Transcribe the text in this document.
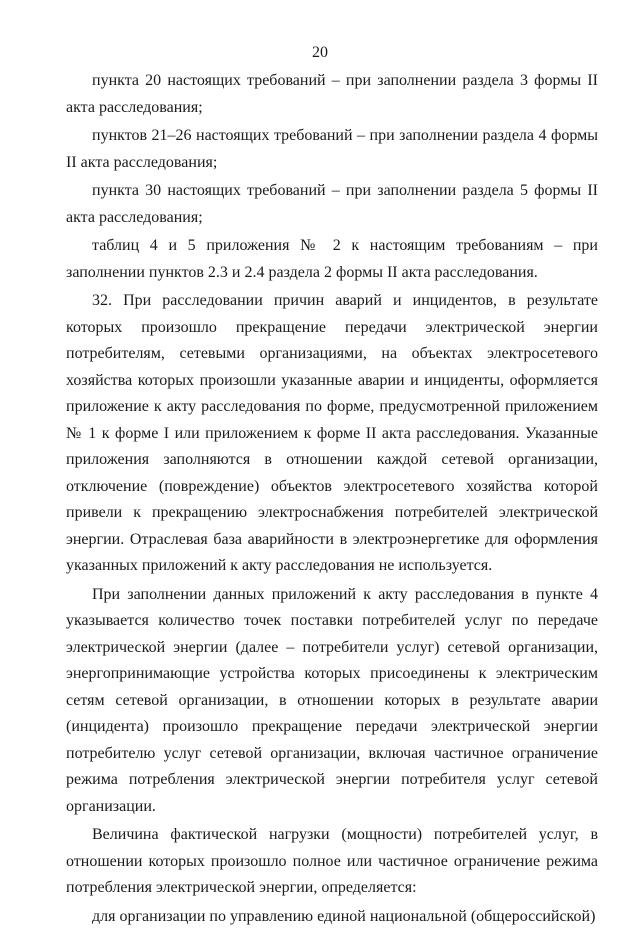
20

пункта 20 настоящих требований – при заполнении раздела 3 формы II акта расследования;

пунктов 21–26 настоящих требований – при заполнении раздела 4 формы II акта расследования;

пункта 30 настоящих требований – при заполнении раздела 5 формы II акта расследования;

таблиц 4 и 5 приложения № 2 к настоящим требованиям – при заполнении пунктов 2.3 и 2.4 раздела 2 формы II акта расследования.

32. При расследовании причин аварий и инцидентов, в результате которых произошло прекращение передачи электрической энергии потребителям, сетевыми организациями, на объектах электросетевого хозяйства которых произошли указанные аварии и инциденты, оформляется приложение к акту расследования по форме, предусмотренной приложением № 1 к форме I или приложением к форме II акта расследования. Указанные приложения заполняются в отношении каждой сетевой организации, отключение (повреждение) объектов электросетевого хозяйства которой привели к прекращению электроснабжения потребителей электрической энергии. Отраслевая база аварийности в электроэнергетике для оформления указанных приложений к акту расследования не используется.

При заполнении данных приложений к акту расследования в пункте 4 указывается количество точек поставки потребителей услуг по передаче электрической энергии (далее – потребители услуг) сетевой организации, энергопринимающие устройства которых присоединены к электрическим сетям сетевой организации, в отношении которых в результате аварии (инцидента) произошло прекращение передачи электрической энергии потребителю услуг сетевой организации, включая частичное ограничение режима потребления электрической энергии потребителя услуг сетевой организации.

Величина фактической нагрузки (мощности) потребителей услуг, в отношении которых произошло полное или частичное ограничение режима потребления электрической энергии, определяется:

для организации по управлению единой национальной (общероссийской)
